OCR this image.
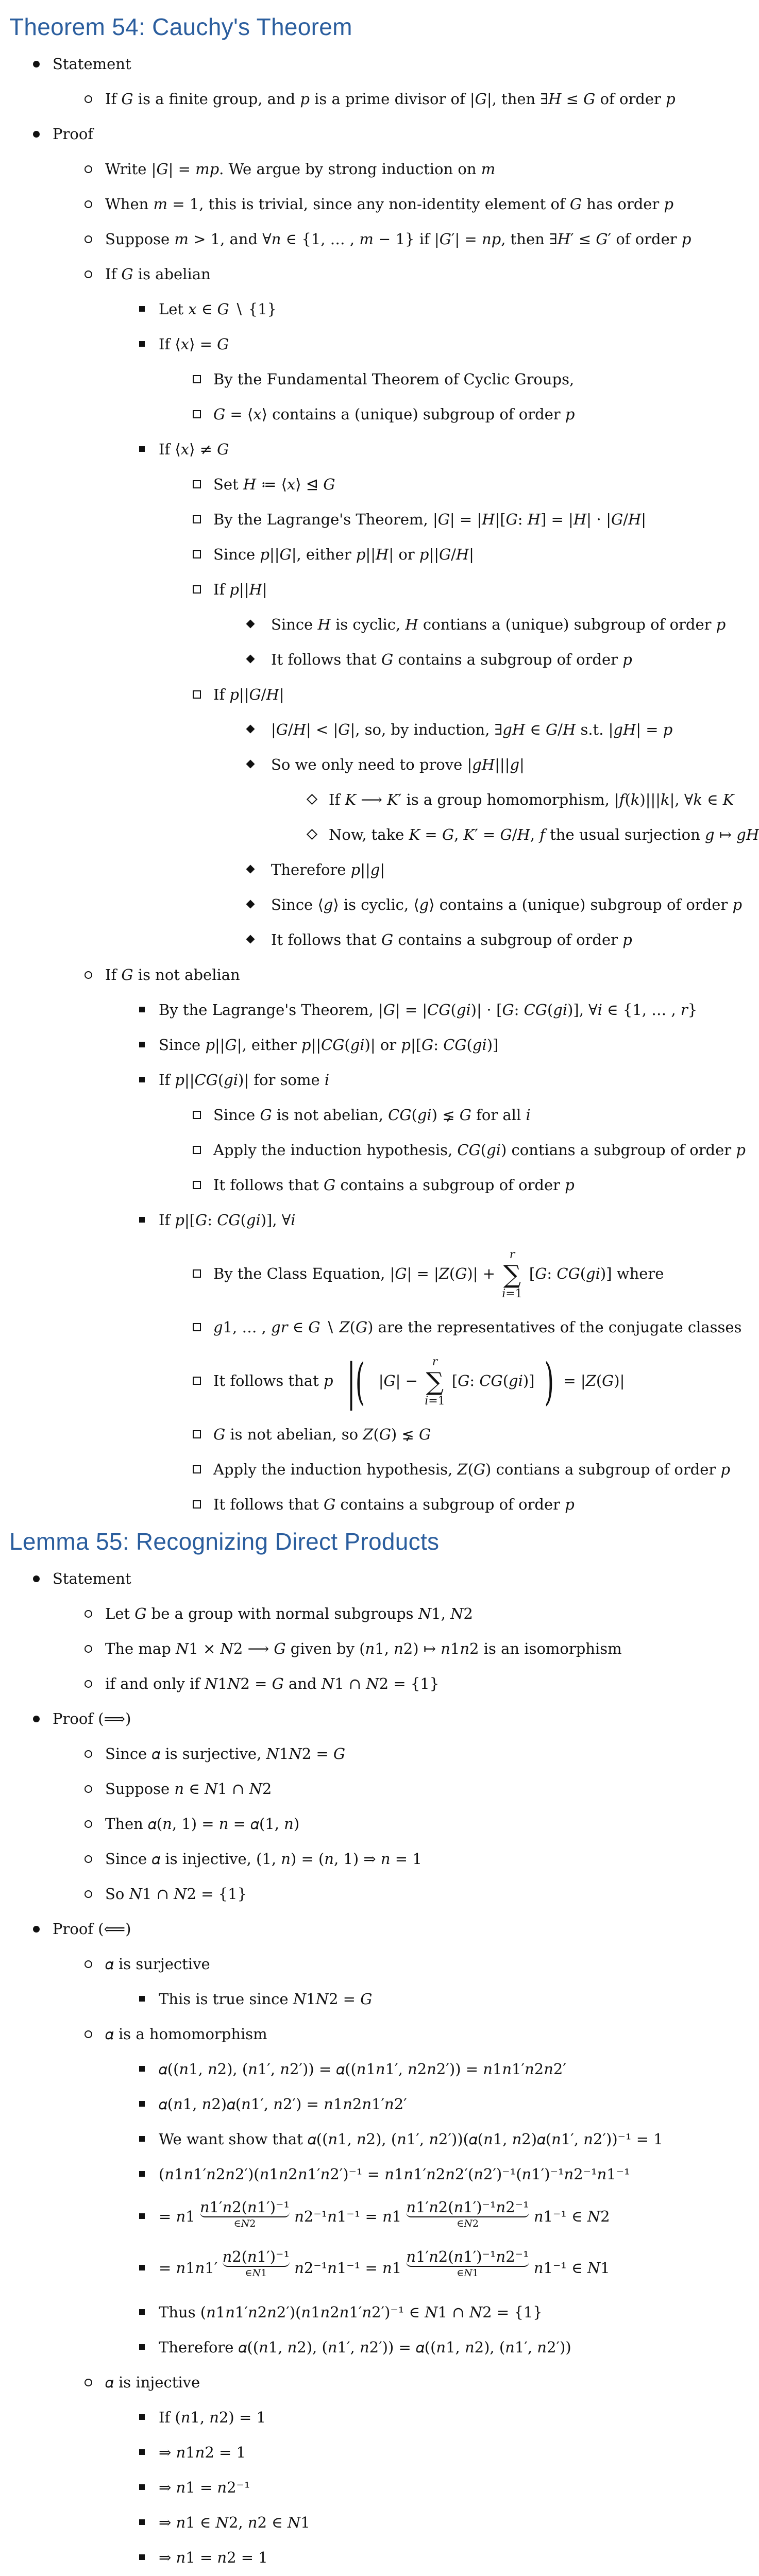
Theorem 54: Cauchy's Theorem
Statement
If 𝐺 is a finite group, and 𝑝 is a prime divisor of |𝐺|, then ∃𝐻 ≤ 𝐺 of order 𝑝
Proof
Write |𝐺| = 𝑚𝑝. We argue by strong induction on 𝑚
When 𝑚 = 1, this is trivial, since any non-identity element of 𝐺 has order 𝑝
Suppose 𝑚 > 1, and ∀𝑛 ∈ {1, … , 𝑚 − 1} if |𝐺′| = 𝑛𝑝, then ∃𝐻′ ≤ 𝐺′ of order 𝑝
If 𝐺 is abelian
Let 𝑥 ∈ 𝐺 ∖ {1}
If ⟨𝑥⟩ = 𝐺
By the Fundamental Theorem of Cyclic Groups,
𝐺 = ⟨𝑥⟩ contains a (unique) subgroup of order 𝑝
If ⟨𝑥⟩ ≠ 𝐺
Set 𝐻 ≔ ⟨𝑥⟩ ⊴ 𝐺
By the Lagrange's Theorem, |𝐺| = |𝐻|[𝐺: 𝐻] = |𝐻| ⋅ |𝐺/𝐻|
Since 𝑝||𝐺|, either 𝑝||𝐻| or 𝑝||𝐺/𝐻|
If 𝑝||𝐻|
Since 𝐻 is cyclic, 𝐻 contians a (unique) subgroup of order 𝑝
It follows that 𝐺 contains a subgroup of order 𝑝
If 𝑝||𝐺/𝐻|
|𝐺/𝐻| < |𝐺|, so, by induction, ∃𝑔𝐻 ∈ 𝐺/𝐻 s.t. |𝑔𝐻| = 𝑝
So we only need to prove |𝑔𝐻|||𝑔|
If 𝐾 ⟶ 𝐾′ is a group homomorphism, |𝑓(𝑘)|||𝑘|, ∀𝑘 ∈ 𝐾
Now, take 𝐾 = 𝐺, 𝐾′ = 𝐺/𝐻, 𝑓 the usual surjection 𝑔 ↦ 𝑔𝐻
Therefore 𝑝||𝑔|
Since ⟨𝑔⟩ is cyclic, ⟨𝑔⟩ contains a (unique) subgroup of order 𝑝
It follows that 𝐺 contains a subgroup of order 𝑝
If 𝐺 is not abelian
By the Lagrange's Theorem, |𝐺| = |𝐶𝐺(𝑔𝑖)| ⋅ [𝐺: 𝐶𝐺(𝑔𝑖)], ∀𝑖 ∈ {1, … , 𝑟}
Since 𝑝||𝐺|, either 𝑝||𝐶𝐺(𝑔𝑖)| or 𝑝|[𝐺: 𝐶𝐺(𝑔𝑖)]
If 𝑝||𝐶𝐺(𝑔𝑖)| for some 𝑖
Since 𝐺 is not abelian, 𝐶𝐺(𝑔𝑖) ⪇ 𝐺 for all 𝑖
Apply the induction hypothesis, 𝐶𝐺(𝑔𝑖) contians a subgroup of order 𝑝
It follows that 𝐺 contains a subgroup of order 𝑝
If 𝑝|[𝐺: 𝐶𝐺(𝑔𝑖)], ∀𝑖
By the Class Equation, |𝐺| = |𝑍(𝐺)| +
𝑟
∑
𝑖=1
[𝐺: 𝐶𝐺(𝑔𝑖)] where
𝑔1, … , 𝑔𝑟 ∈ 𝐺 ∖ 𝑍(𝐺) are the representatives of the conjugate classes
It follows that 𝑝 |( |𝐺| −
𝑟
∑
𝑖=1
[𝐺: 𝐶𝐺(𝑔𝑖)] ) = |𝑍(𝐺)|
𝐺 is not abelian, so 𝑍(𝐺) ⪇ 𝐺
Apply the induction hypothesis, 𝑍(𝐺) contians a subgroup of order 𝑝
It follows that 𝐺 contains a subgroup of order 𝑝
Lemma 55: Recognizing Direct Products
Statement
Let 𝐺 be a group with normal subgroups 𝑁1, 𝑁2
The map 𝑁1 × 𝑁2 ⟶ 𝐺 given by (𝑛1, 𝑛2) ↦ 𝑛1𝑛2 is an isomorphism
if and only if 𝑁1𝑁2 = 𝐺 and 𝑁1 ∩ 𝑁2 = {1}
Proof (⟹)
Since 𝛼 is surjective, 𝑁1𝑁2 = 𝐺
Suppose 𝑛 ∈ 𝑁1 ∩ 𝑁2
Then 𝛼(𝑛, 1) = 𝑛 = 𝛼(1, 𝑛)
Since 𝛼 is injective, (1, 𝑛) = (𝑛, 1) ⇒ 𝑛 = 1
So 𝑁1 ∩ 𝑁2 = {1}
Proof (⟸)
𝛼 is surjective
This is true since 𝑁1𝑁2 = 𝐺
𝛼 is a homomorphism
𝛼((𝑛1, 𝑛2), (𝑛1′, 𝑛2′)) = 𝛼((𝑛1𝑛1′, 𝑛2𝑛2′)) = 𝑛1𝑛1′𝑛2𝑛2′
𝛼(𝑛1, 𝑛2)𝛼(𝑛1′, 𝑛2′) = 𝑛1𝑛2𝑛1′𝑛2′
We want show that 𝛼((𝑛1, 𝑛2), (𝑛1′, 𝑛2′))(𝛼(𝑛1, 𝑛2)𝛼(𝑛1′, 𝑛2′))⁻¹ = 1
(𝑛1𝑛1′𝑛2𝑛2′)(𝑛1𝑛2𝑛1′𝑛2′)⁻¹ = 𝑛1𝑛1′𝑛2𝑛2′(𝑛2′)⁻¹(𝑛1′)⁻¹𝑛2⁻¹𝑛1⁻¹
= 𝑛1
𝑛1′𝑛2(𝑛1′)⁻¹
∈𝑁2	𝑛2⁻¹𝑛1⁻¹ = 𝑛1
𝑛1′𝑛2(𝑛1′)⁻¹𝑛2⁻¹
∈𝑁2	𝑛1⁻¹ ∈ 𝑁2
= 𝑛1𝑛1′
𝑛2(𝑛1′)⁻¹
∈𝑁1	𝑛2⁻¹𝑛1⁻¹ = 𝑛1
𝑛1′𝑛2(𝑛1′)⁻¹𝑛2⁻¹
∈𝑁1	𝑛1⁻¹ ∈ 𝑁1
Thus (𝑛1𝑛1′𝑛2𝑛2′)(𝑛1𝑛2𝑛1′𝑛2′)⁻¹ ∈ 𝑁1 ∩ 𝑁2 = {1}
Therefore 𝛼((𝑛1, 𝑛2), (𝑛1′, 𝑛2′)) = 𝛼((𝑛1, 𝑛2), (𝑛1′, 𝑛2′))
𝛼 is injective
If (𝑛1, 𝑛2) = 1
⇒ 𝑛1𝑛2 = 1
⇒ 𝑛1 = 𝑛2⁻¹
⇒ 𝑛1 ∈ 𝑁2, 𝑛2 ∈ 𝑁1
⇒ 𝑛1 = 𝑛2 = 1
